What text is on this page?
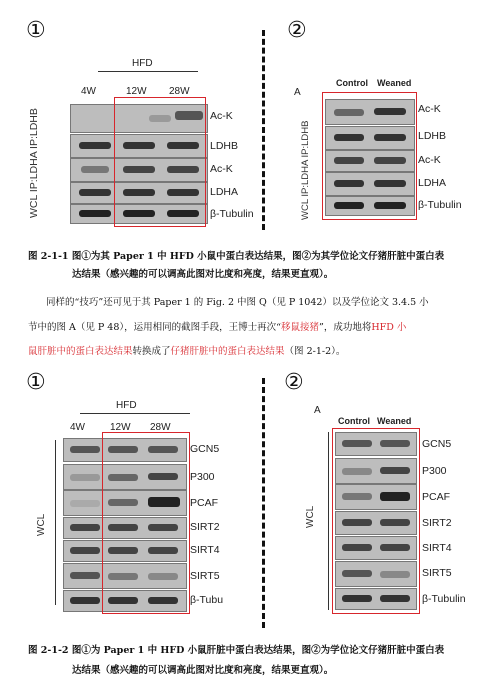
①	②
HFD
4W	12W 28W
WCL IP:LDHA IP:LDHB	Ac-K
LDHB
Ac-K
LDHA
β-Tubulin
A
Control Weaned
WCL IP:LDHA IP:LDHB
Ac-K
LDHB
Ac-K
LDHA
β-Tubulin
图 2-1-1 图①为其 Paper 1 中 HFD 小鼠中蛋白表达结果，图②为其学位论文仔猪肝脏中蛋白表
达结果（感兴趣的可以调高此图对比度和亮度，结果更直观）。
同样的“技巧”还可见于其 Paper 1 的 Fig. 2 中图 Q（见 P 1042）以及学位论文 3.4.5 小
节中的图 A（见 P 48），运用相同的截图手段，王博士再次“移鼠接猪”，成功地将HFD 小
鼠肝脏中的蛋白表达结果转换成了仔猪肝脏中的蛋白表达结果（图 2-1-2）。
①	②
HFD
4W	12W 28W
WCL
GCN5
P300
PCAF
SIRT2
SIRT4
SIRT5
β-Tubu
A
Control Weaned
WCL
GCN5
P300
PCAF
SIRT2
SIRT4
SIRT5
β-Tubulin
图 2-1-2 图①为 Paper 1 中 HFD 小鼠肝脏中蛋白表达结果，图②为学位论文仔猪肝脏中蛋白表
达结果（感兴趣的可以调高此图对比度和亮度，结果更直观）。
